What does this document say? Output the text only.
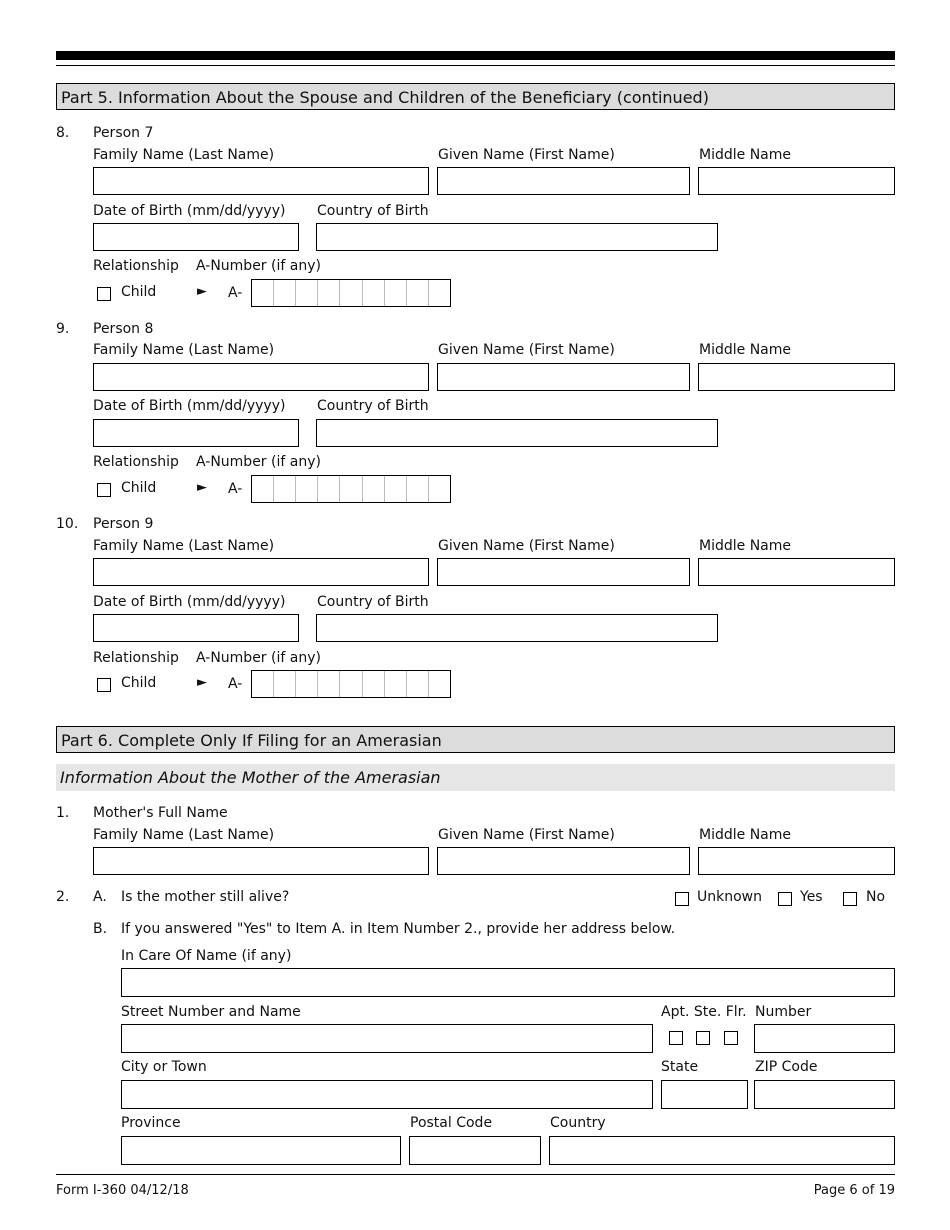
Part 5. Information About the Spouse and Children of the Beneficiary (continued)
8. Person 7
Family Name (Last Name)	Given Name (First Name)	Middle Name
Date of Birth (mm/dd/yyyy) Country of Birth
Relationship A-Number (if any)
Child	► A-
9. Person 8
Family Name (Last Name)	Given Name (First Name)	Middle Name
Date of Birth (mm/dd/yyyy) Country of Birth
Relationship A-Number (if any)
Child	► A-
10. Person 9
Family Name (Last Name)	Given Name (First Name)	Middle Name
Date of Birth (mm/dd/yyyy) Country of Birth
Relationship A-Number (if any)
Child	► A-
Part 6. Complete Only If Filing for an Amerasian
Information About the Mother of the Amerasian
1. Mother's Full Name
Family Name (Last Name)	Given Name (First Name)	Middle Name
2. A. Is the mother still alive?	Unknown	Yes	No
B. If you answered "Yes" to Item A. in Item Number 2., provide her address below.
In Care Of Name (if any)
Street Number and Name	Apt. Ste. Flr. Number
City or Town	State	ZIP Code
Province	Postal Code	Country
Form I-360 04/12/18	Page 6 of 19
